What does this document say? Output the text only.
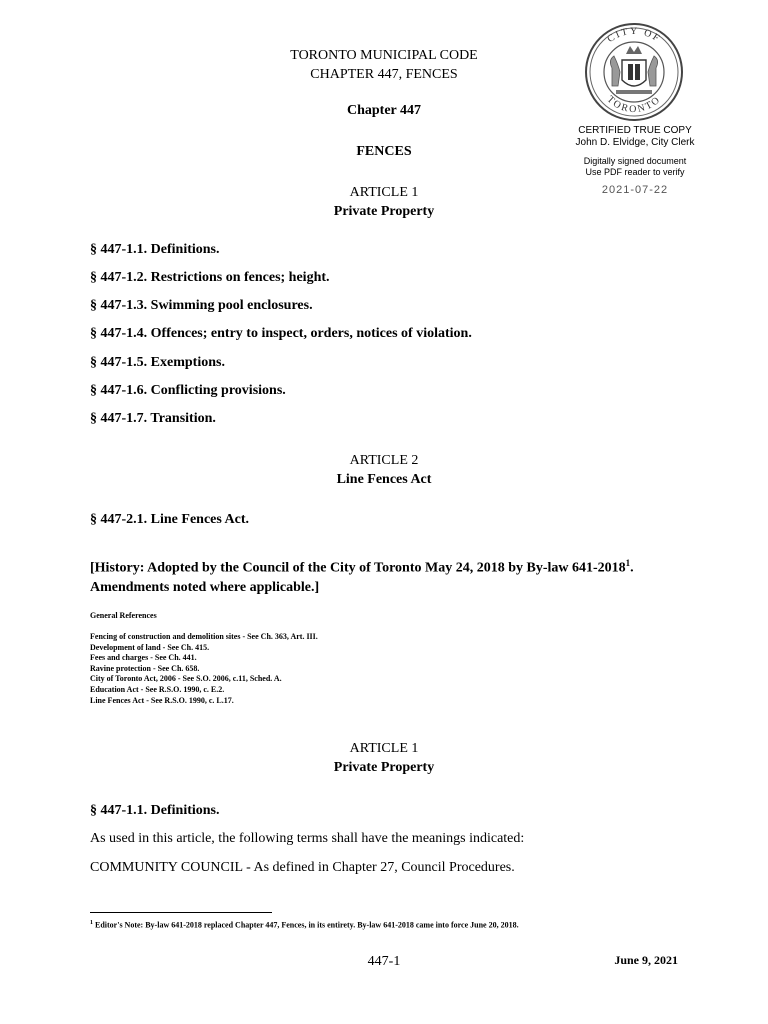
TORONTO MUNICIPAL CODE
CHAPTER 447, FENCES
Chapter 447
FENCES
CITY OF
TORONTO
CERTIFIED TRUE COPY
John D. Elvidge, City Clerk
Digitally signed document
Use PDF reader to verify
2021-07-22
ARTICLE 1
Private Property
§ 447-1.1. Definitions.
§ 447-1.2. Restrictions on fences; height.
§ 447-1.3. Swimming pool enclosures.
§ 447-1.4. Offences; entry to inspect, orders, notices of violation.
§ 447-1.5. Exemptions.
§ 447-1.6. Conflicting provisions.
§ 447-1.7. Transition.
ARTICLE 2
Line Fences Act
§ 447-2.1. Line Fences Act.
[History: Adopted by the Council of the City of Toronto May 24, 2018 by By-law 641-2018$^1$.
Amendments noted where applicable.]
General References
Fencing of construction and demolition sites - See Ch. 363, Art. III.
Development of land - See Ch. 415.
Fees and charges - See Ch. 441.
Ravine protection - See Ch. 658.
City of Toronto Act, 2006 - See S.O. 2006, c.11, Sched. A.
Education Act - See R.S.O. 1990, c. E.2.
Line Fences Act - See R.S.O. 1990, c. L.17.
ARTICLE 1
Private Property
§ 447-1.1. Definitions.
As used in this article, the following terms shall have the meanings indicated:
COMMUNITY COUNCIL - As defined in Chapter 27, Council Procedures.
$^1$ Editor's Note: By-law 641-2018 replaced Chapter 447, Fences, in its entirety. By-law 641-2018 came into force June 20, 2018.
447-1	June 9, 2021
